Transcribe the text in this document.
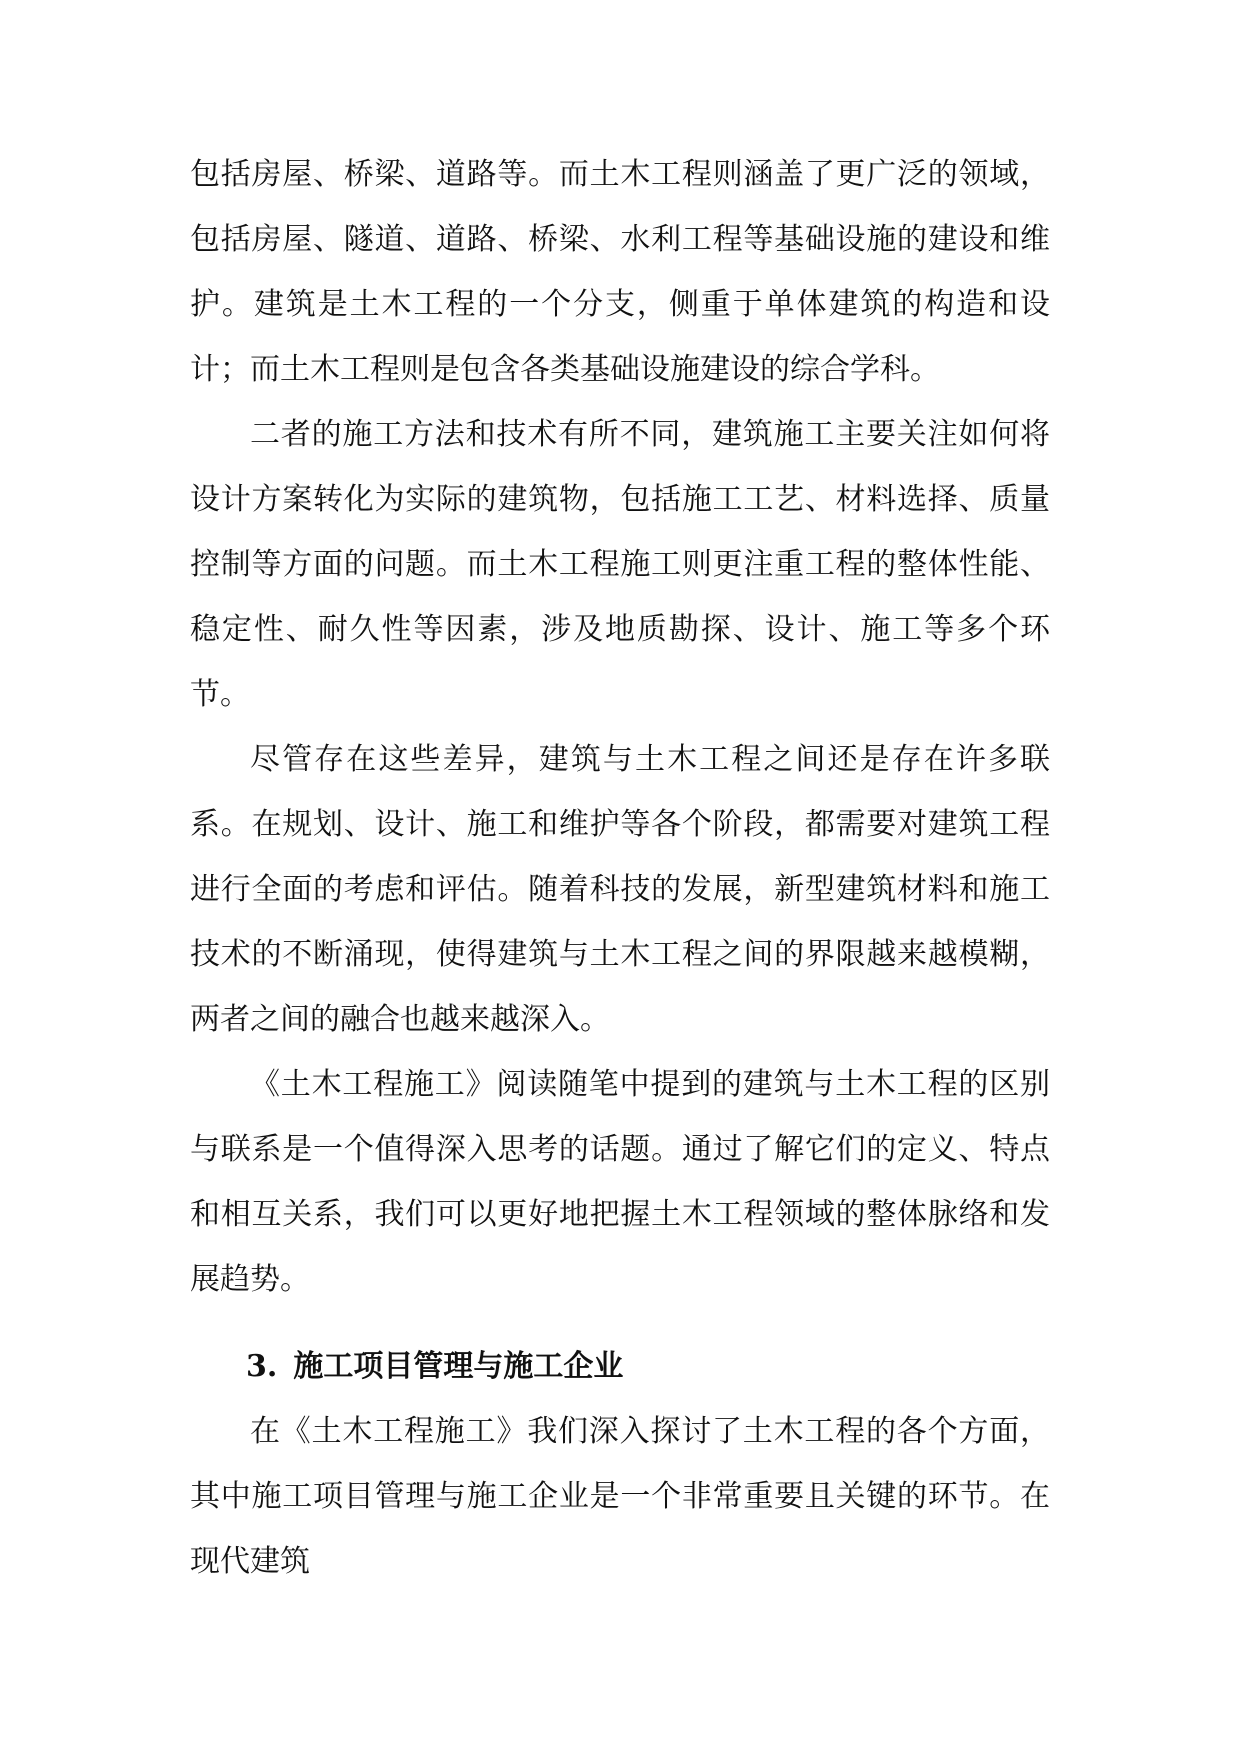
包括房屋、桥梁、道路等。而土木工程则涵盖了更广泛的领域，包括房屋、隧道、道路、桥梁、水利工程等基础设施的建设和维护。建筑是土木工程的一个分支，侧重于单体建筑的构造和设计；而土木工程则是包含各类基础设施建设的综合学科。

二者的施工方法和技术有所不同，建筑施工主要关注如何将设计方案转化为实际的建筑物，包括施工工艺、材料选择、质量控制等方面的问题。而土木工程施工则更注重工程的整体性能、稳定性、耐久性等因素，涉及地质勘探、设计、施工等多个环节。

尽管存在这些差异，建筑与土木工程之间还是存在许多联系。在规划、设计、施工和维护等各个阶段，都需要对建筑工程进行全面的考虑和评估。随着科技的发展，新型建筑材料和施工技术的不断涌现，使得建筑与土木工程之间的界限越来越模糊，两者之间的融合也越来越深入。

《土木工程施工》阅读随笔中提到的建筑与土木工程的区别与联系是一个值得深入思考的话题。通过了解它们的定义、特点和相互关系，我们可以更好地把握土木工程领域的整体脉络和发展趋势。

3. 施工项目管理与施工企业

在《土木工程施工》我们深入探讨了土木工程的各个方面，其中施工项目管理与施工企业是一个非常重要且关键的环节。在现代建筑
